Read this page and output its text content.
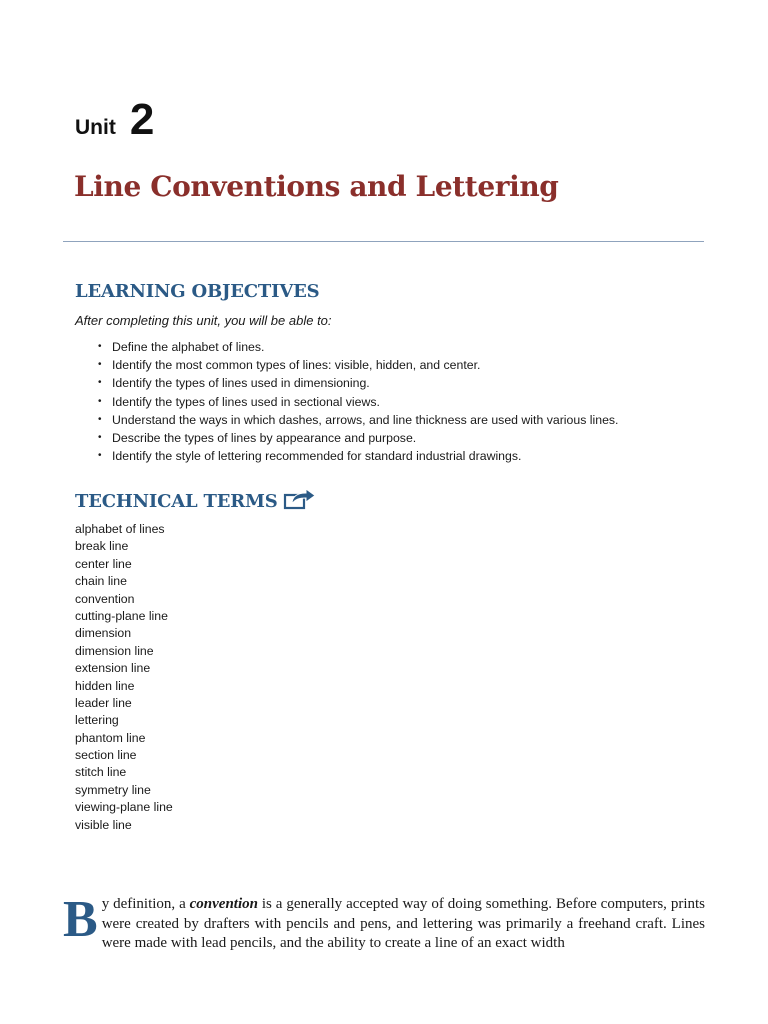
Unit 2
Line Conventions and Lettering
LEARNING OBJECTIVES

After completing this unit, you will be able to:

• Define the alphabet of lines.
• Identify the most common types of lines: visible, hidden, and center.
• Identify the types of lines used in dimensioning.
• Identify the types of lines used in sectional views.
• Understand the ways in which dashes, arrows, and line thickness are used with various lines.
• Describe the types of lines by appearance and purpose.
• Identify the style of lettering recommended for standard industrial drawings.
TECHNICAL TERMS
alphabet of lines
break line
center line
chain line
convention
cutting-plane line
dimension
dimension line
extension line
hidden line
leader line
lettering
phantom line
section line
stitch line
symmetry line
viewing-plane line
visible line

By definition, a convention is a generally accepted way of doing something. Before computers, prints were created by drafters with pencils and pens, and lettering was primarily a freehand craft. Lines were made with lead pencils, and the ability to create a line of an exact width
